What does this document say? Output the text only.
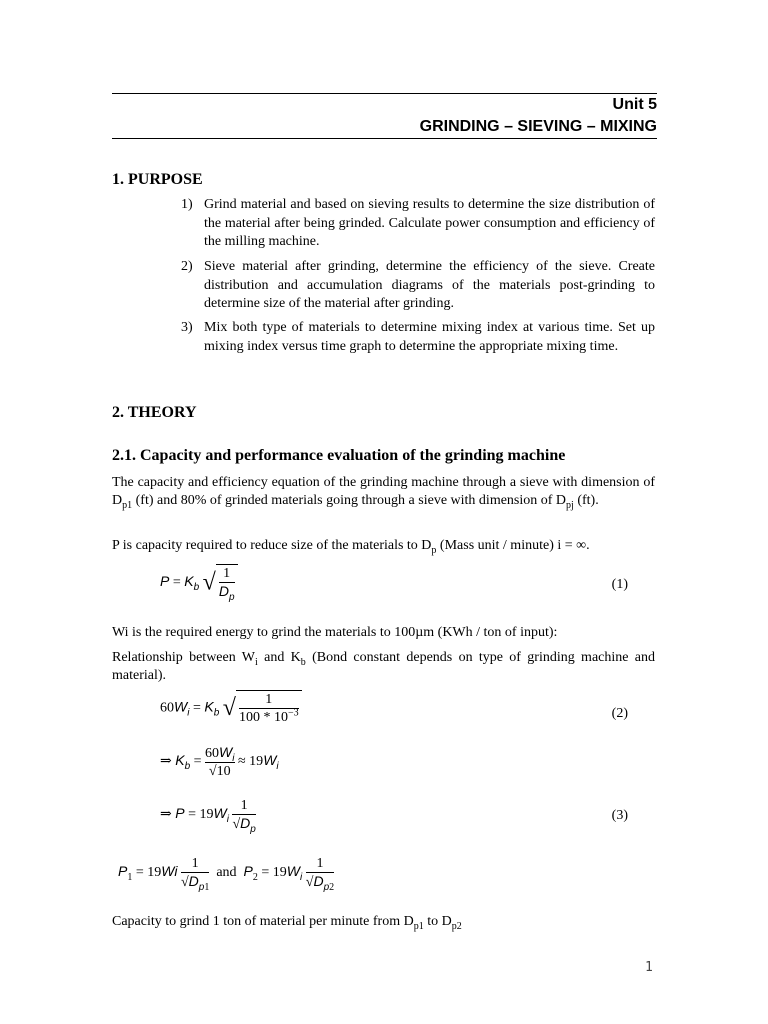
Unit 5
GRINDING – SIEVING – MIXING
1. PURPOSE
1) Grind material and based on sieving results to determine the size distribution of the material after being grinded. Calculate power consumption and efficiency of the milling machine.
2) Sieve material after grinding, determine the efficiency of the sieve. Create distribution and accumulation diagrams of the materials post-grinding to determine size of the material after grinding.
3) Mix both type of materials to determine mixing index at various time. Set up mixing index versus time graph to determine the appropriate mixing time.
2. THEORY
2.1. Capacity and performance evaluation of the grinding machine
The capacity and efficiency equation of the grinding machine through a sieve with dimension of $D_{p1}$ (ft) and 80% of grinded materials going through a sieve with dimension of $D_{pj}$ (ft).
P is capacity required to reduce size of the materials to $D_p$ (Mass unit / minute) i = ∞.
$P = K_b$ √ $\frac{1}{D_p}$	(1)
Wi is the required energy to grind the materials to 100µm (KWh / ton of input):
Relationship between $W_i$ and $K_b$ (Bond constant depends on type of grinding machine and material).
$60W_i = K_b$ √ $\frac{1}{100 * 10^{-3}}$	(2)
⇒ $K_b = \frac{60W_i}{√10} \approx 19W_i$
⇒ $P = 19W_i \frac{1}{√D_p}$	(3)
$P_1 = 19Wi \frac{1}{√D_{p1}}$ and $P_2 = 19W_i \frac{1}{√D_{p2}}$
Capacity to grind 1 ton of material per minute from $D_{p1}$ to $D_{p2}$
1
